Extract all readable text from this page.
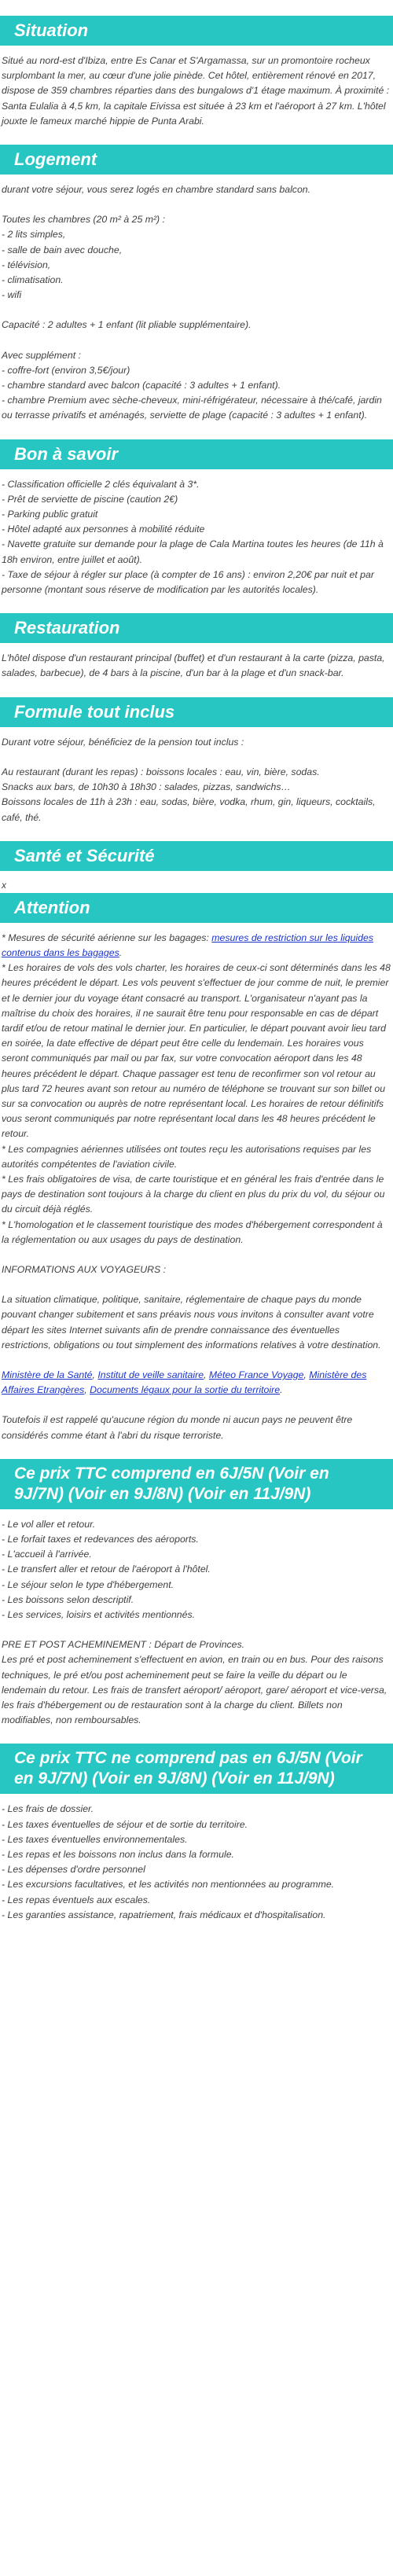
Situation

Situé au nord-est d'Ibiza, entre Es Canar et S'Argamassa, sur un promontoire rocheux surplombant la mer, au cœur d'une jolie pinède. Cet hôtel, entièrement rénové en 2017, dispose de 359 chambres réparties dans des bungalows d'1 étage maximum. À proximité : Santa Eulalia à 4,5 km, la capitale Eivissa est située à 23 km et l'aéroport à 27 km. L'hôtel jouxte le fameux marché hippie de Punta Arabi.

Logement

durant votre séjour, vous serez logés en chambre standard sans balcon.

Toutes les chambres (20 m² à 25 m²) :

- 2 lits simples,

- salle de bain avec douche,

- télévision,

- climatisation.

- wifi

Capacité : 2 adultes + 1 enfant (lit pliable supplémentaire).

Avec supplément :

- coffre-fort (environ 3,5€/jour)

- chambre standard avec balcon (capacité : 3 adultes + 1 enfant).

- chambre Premium avec sèche-cheveux, mini-réfrigérateur, nécessaire à thé/café, jardin ou terrasse privatifs et aménagés, serviette de plage (capacité : 3 adultes + 1 enfant).

Bon à savoir

- Classification officielle 2 clés équivalant à 3*.

- Prêt de serviette de piscine (caution 2€)

- Parking public gratuit

- Hôtel adapté aux personnes à mobilité réduite

- Navette gratuite sur demande pour la plage de Cala Martina toutes les heures (de 11h à 18h environ, entre juillet et août).

- Taxe de séjour à régler sur place (à compter de 16 ans) : environ 2,20€ par nuit et par personne (montant sous réserve de modification par les autorités locales).

Restauration

L'hôtel dispose d'un restaurant principal (buffet) et d'un restaurant à la carte (pizza, pasta, salades, barbecue), de 4 bars à la piscine, d'un bar à la plage et d'un snack-bar.

Formule tout inclus

Durant votre séjour, bénéficiez de la pension tout inclus :

Au restaurant (durant les repas) : boissons locales : eau, vin, bière, sodas.

Snacks aux bars, de 10h30 à 18h30 : salades, pizzas, sandwichs…

Boissons locales de 11h à 23h : eau, sodas, bière, vodka, rhum, gin, liqueurs, cocktails, café, thé.

Santé et Sécurité
x
Attention

* Mesures de sécurité aérienne sur les bagages: mesures de restriction sur les liquides contenus dans les bagages.

* Les horaires de vols des vols charter, les horaires de ceux-ci sont déterminés dans les 48 heures précédent le départ. Les vols peuvent s'effectuer de jour comme de nuit, le premier et le dernier jour du voyage étant consacré au transport. L'organisateur n'ayant pas la maîtrise du choix des horaires, il ne saurait être tenu pour responsable en cas de départ tardif et/ou de retour matinal le dernier jour. En particulier, le départ pouvant avoir lieu tard en soirée, la date effective de départ peut être celle du lendemain. Les horaires vous seront communiqués par mail ou par fax, sur votre convocation aéroport dans les 48 heures précédent le départ. Chaque passager est tenu de reconfirmer son vol retour au plus tard 72 heures avant son retour au numéro de téléphone se trouvant sur son billet ou sur sa convocation ou auprès de notre représentant local. Les horaires de retour définitifs vous seront communiqués par notre représentant local dans les 48 heures précédent le retour.

* Les compagnies aériennes utilisées ont toutes reçu les autorisations requises par les autorités compétentes de l'aviation civile.

* Les frais obligatoires de visa, de carte touristique et en général les frais d'entrée dans le pays de destination sont toujours à la charge du client en plus du prix du vol, du séjour ou du circuit déjà réglés.

* L'homologation et le classement touristique des modes d'hébergement correspondent à la réglementation ou aux usages du pays de destination.

INFORMATIONS AUX VOYAGEURS :

La situation climatique, politique, sanitaire, réglementaire de chaque pays du monde pouvant changer subitement et sans préavis nous vous invitons à consulter avant votre départ les sites Internet suivants afin de prendre connaissance des éventuelles restrictions, obligations ou tout simplement des informations relatives à votre destination.

Ministère de la Santé, Institut de veille sanitaire, Méteo France Voyage, Ministère des Affaires Etrangères, Documents légaux pour la sortie du territoire.

Toutefois il est rappelé qu'aucune région du monde ni aucun pays ne peuvent être considérés comme étant à l'abri du risque terroriste.

Ce prix TTC comprend en 6J/5N (Voir en 9J/7N) (Voir en 9J/8N) (Voir en 11J/9N)

- Le vol aller et retour.

- Le forfait taxes et redevances des aéroports.

- L'accueil à l'arrivée.

- Le transfert aller et retour de l'aéroport à l'hôtel.

- Le séjour selon le type d'hébergement.

- Les boissons selon descriptif.

- Les services, loisirs et activités mentionnés.

PRE ET POST ACHEMINEMENT : Départ de Provinces.
Les pré et post acheminement s'effectuent en avion, en train ou en bus. Pour des raisons techniques, le pré et/ou post acheminement peut se faire la veille du départ ou le lendemain du retour. Les frais de transfert aéroport/ aéroport, gare/ aéroport et vice-versa, les frais d'hébergement ou de restauration sont à la charge du client. Billets non modifiables, non remboursables.

Ce prix TTC ne comprend pas en 6J/5N (Voir en 9J/7N) (Voir en 9J/8N) (Voir en 11J/9N)

- Les frais de dossier.

- Les taxes éventuelles de séjour et de sortie du territoire.

- Les taxes éventuelles environnementales.

- Les repas et les boissons non inclus dans la formule.

- Les dépenses d'ordre personnel

- Les excursions facultatives, et les activités non mentionnées au programme.

- Les repas éventuels aux escales.

- Les garanties assistance, rapatriement, frais médicaux et d'hospitalisation.
